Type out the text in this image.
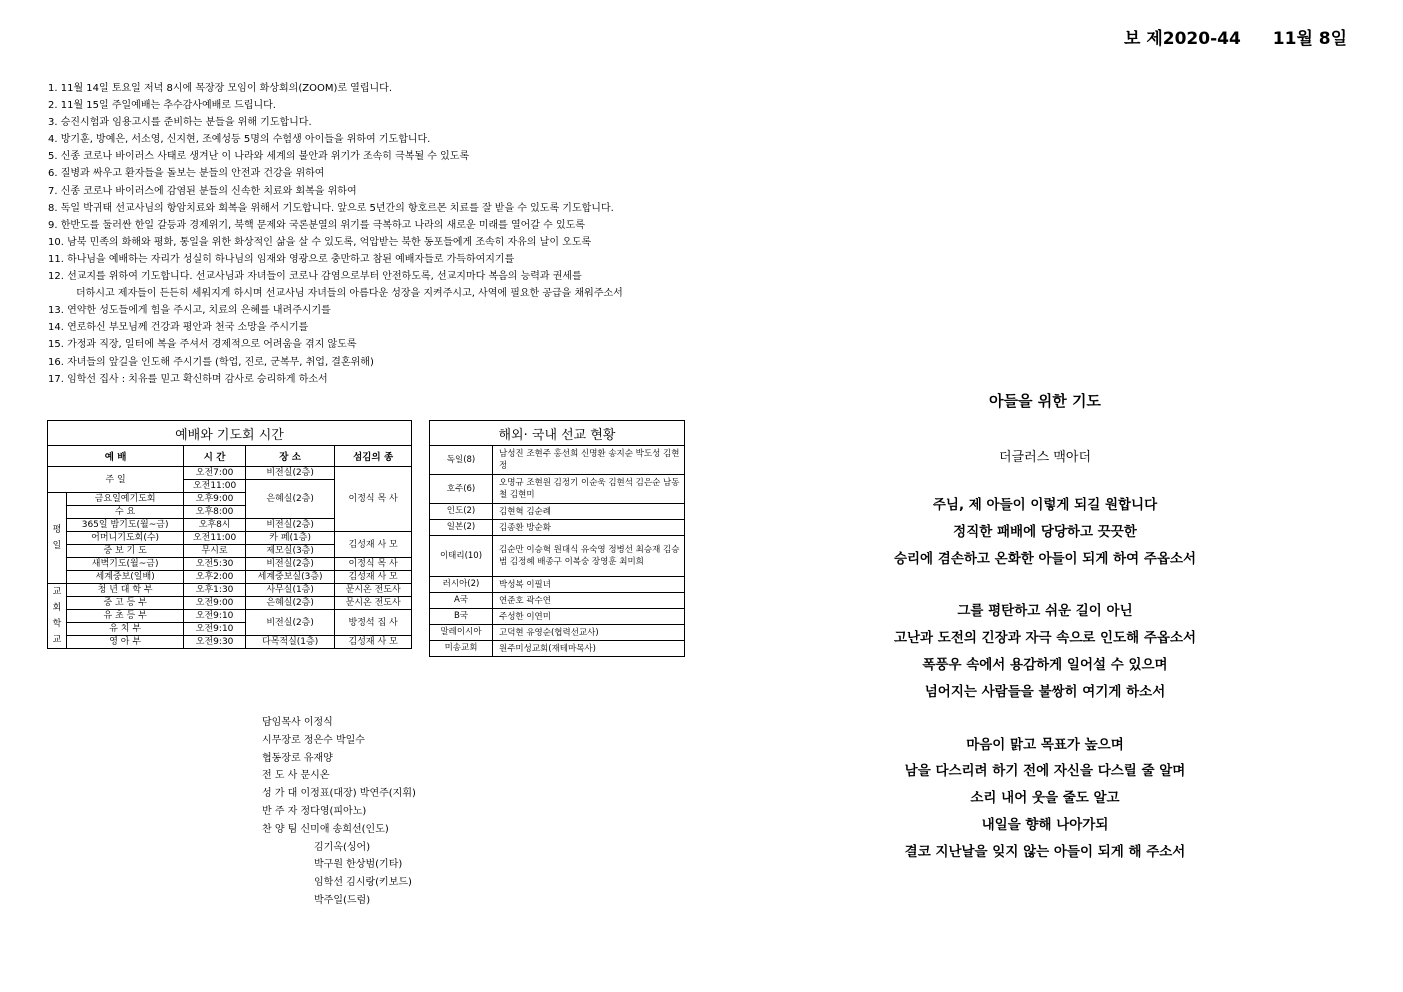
보 제2020-44 11월 8일
1. 11월 14일 토요일 저녁 8시에 목장장 모임이 화상회의(ZOOM)로 열립니다.
2. 11월 15일 주일예배는 추수감사예배로 드립니다.
3. 승진시험과 임용고시를 준비하는 분들을 위해 기도합니다.
4. 방기훈, 방예은, 서소영, 신지현, 조예성등 5명의 수험생 아이들을 위하여 기도합니다.
5. 신종 코로나 바이러스 사태로 생겨난 이 나라와 세계의 불안과 위기가 조속히 극복될 수 있도록
6. 질병과 싸우고 환자들을 돌보는 분들의 안전과 건강을 위하여
7. 신종 코로나 바이러스에 감염된 분들의 신속한 치료와 회복을 위하여
8. 독일 박귀태 선교사님의 항암치료와 회복을 위해서 기도합니다. 앞으로 5년간의 항호르몬 치료를 잘 받을 수 있도록 기도합니다.
9. 한반도를 둘러싼 한일 갈등과 경제위기, 북핵 문제와 국론분열의 위기를 극복하고 나라의 새로운 미래를 열어갈 수 있도록
10. 남북 민족의 화해와 평화, 통일을 위한 화상적인 삶을 살 수 있도록, 억압받는 북한 동포들에게 조속히 자유의 날이 오도록
11. 하나님을 예배하는 자리가 성실히 하나님의 임재와 영광으로 충만하고 참된 예배자들로 가득하여지기를
12. 선교지를 위하여 기도합니다. 선교사님과 자녀들이 코로나 감염으로부터 안전하도록, 선교지마다 복음의 능력과 권세를
더하시고 제자들이 든든히 세워지게 하시며 선교사님 자녀들의 아름다운 성장을 지켜주시고, 사역에 필요한 공급을 채워주소서
13. 연약한 성도들에게 힘을 주시고, 치료의 은혜를 내려주시기를
14. 연로하신 부모님께 건강과 평안과 천국 소망을 주시기를
15. 가정과 직장, 일터에 복을 주셔서 경제적으로 어려움을 겪지 않도록
16. 자녀들의 앞길을 인도해 주시기를 (학업, 진로, 군복무, 취업, 결혼위해)
17. 임학선 집사 : 치유를 믿고 확신하며 감사로 승리하게 하소서
예배와 기도회 시간				
예 배		시 간	장 소	섬김의 종
주 일		오전7:00	비전실(2층)	이정식 목 사
		오전11:00	은혜실(2층)	
평 일	금요일예기도회	오후9:00		
	수 요	오후8:00		
	365일 밤기도(월~금)	오후8시	비전실(2층)	
	어머니기도회(수)	오전11:00	카 페(1층)	김성재 사 모
	중 보 기 도	무시로	제모실(3층)	
	새벽기도(월~금)	오전5:30	비전실(2층)	이정식 목 사
	세계중보(일배)	오후2:00	세계중보실(3층)	김성재 사 모
교회학교	청 년 대 학 부	오후1:30	사무실(1층)	문시온 전도사
	중 고 등 부	오전9:00	은혜실(2층)	문시온 전도사
	유 초 등 부	오전9:10	비전실(2층)	방정석 집 사
	유 치 부	오전9:10		
	영 아 부	오전9:30	다목적실(1층)	김성재 사 모
해외· 국내 선교 현황	
독일(8)	남성진 조현주 홍선희 신명환 송지순 박도성 김현정
호주(6)	오명규 조현원 김정기 이순욱 김현석 김은순 남동철 김현미
인도(2)	김현혁 김순례
일본(2)	김종환 방순화
이태리(10)	김순만 이승혁 원대식 유숙영 정병선 최승재 김승범 김정혜 배종구 이복숭 장영훈 최미희
러시아(2)	박성복 이필녀
A국	연준호 곽수연
B국	주성한 이연미
말레이시아	고덕현 유영순(협력선교사)
미송교회	원주미성교회(재테마목사)
담임목사 이정식
시무장로 정은수 박일수
협동장로 유재양
전 도 사 문시온
성 가 대 이정표(대장) 박연주(지휘)
반 주 자 정다영(피아노)
찬 양 팀 신미애 송희선(인도)
김기옥(싱어)
박구원 한상범(기타)
임학선 김시랑(키보드)
박주일(드럼)
아들을 위한 기도
더글러스 맥아더
주님, 제 아들이 이렇게 되길 원합니다
정직한 패배에 당당하고 끗끗한
승리에 겸손하고 온화한 아들이 되게 하여 주옵소서
그를 평탄하고 쉬운 길이 아닌
고난과 도전의 긴장과 자극 속으로 인도해 주옵소서
폭풍우 속에서 용감하게 일어설 수 있으며
넘어지는 사람들을 불쌍히 여기게 하소서
마음이 맑고 목표가 높으며
남을 다스리려 하기 전에 자신을 다스릴 줄 알며
소리 내어 웃을 줄도 알고
내일을 향해 나아가되
결코 지난날을 잊지 않는 아들이 되게 해 주소서
